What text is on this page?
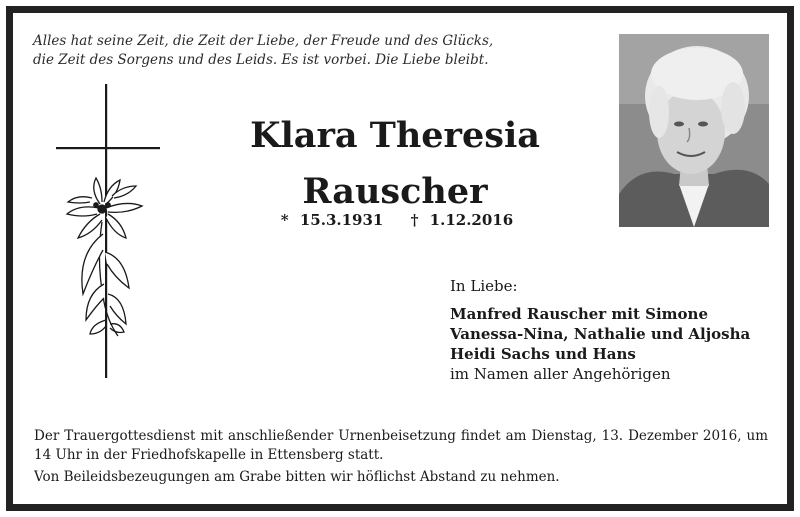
Alles hat seine Zeit, die Zeit der Liebe, der Freude und des Glücks,
die Zeit des Sorgens und des Leids. Es ist vorbei. Die Liebe bleibt.
Klara Theresia
Rauscher
* 15.3.1931 † 1.12.2016
In Liebe:
Manfred Rauscher mit Simone
Vanessa-Nina, Nathalie und Aljosha
Heidi Sachs und Hans
im Namen aller Angehörigen
Der Trauergottesdienst mit anschließender Urnenbeisetzung findet am Dienstag, 13. Dezember 2016, um 14 Uhr in der Friedhofskapelle in Ettensberg statt.
Von Beileidsbezeugungen am Grabe bitten wir höflichst Abstand zu nehmen.
